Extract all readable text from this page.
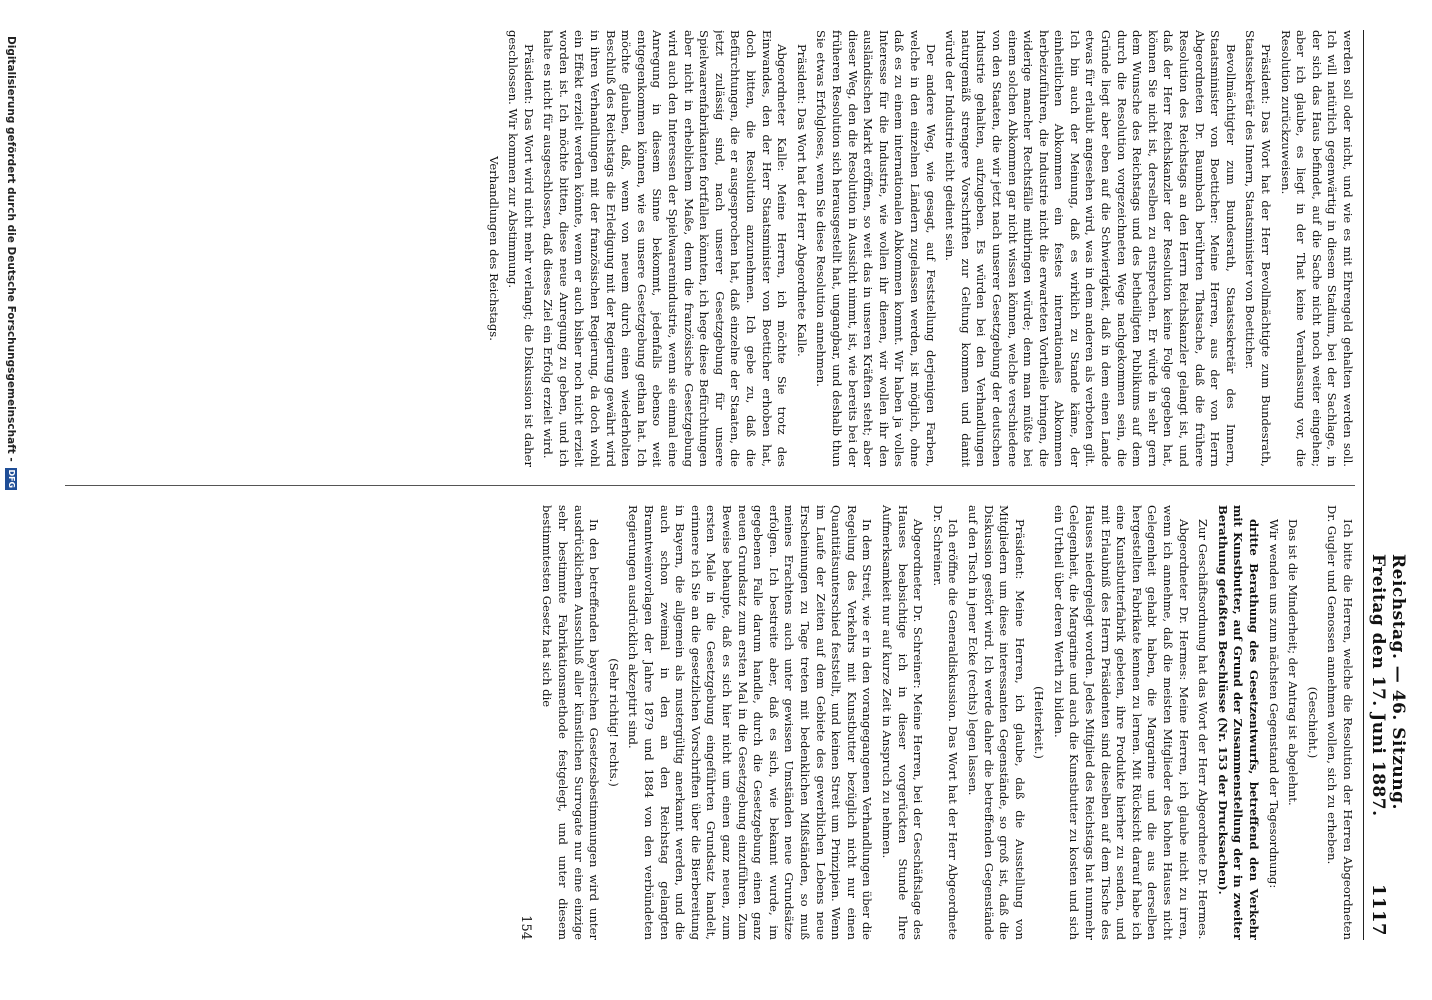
Reichstag. — 46. Sitzung. Freitag den 17. Juni 1887.
1117

werden soll oder nicht, und wie es mit Ehrengeld gehalten werden soll. Ich will natürlich gegenwärtig in diesem Stadium, bei der Sachlage, in der sich das Haus befindet, auf die Sache nicht noch weiter eingehen; aber ich glaube, es liegt in der That keine Veranlassung vor, die Resolution zurückzuweisen.

Präsident: Das Wort hat der Herr Bevollmächtigte zum Bundesrath, Staatssekretär des Innern, Staatsminister von Boetticher.

Bevollmächtigter zum Bundesrath, Staatssekretär des Innern, Staatsminister von Boetticher: Meine Herren, aus der von Herrn Abgeordneten Dr. Baumbach berührten Thatsache, daß die frühere Resolution des Reichstags an den Herrn Reichskanzler gelangt ist, und daß der Herr Reichskanzler der Resolution keine Folge gegeben hat, können Sie nicht ist, derselben zu entsprechen. Er würde in sehr gern dem Wunsche des Reichstags und des betheiligten Publikums auf dem durch die Resolution vorgezeichneten Wege nachgekommen sein, die Gründe liegt aber eben auf die Schwierigkeit, daß in dem einen Lande etwas für erlaubt angesehen wird, was in dem anderen als verboten gilt. Ich bin auch der Meinung, daß es wirklich zu Stande käme, der einheitlichen Abkommen ein festes internationales Abkommen herbeizuführen, die Industrie nicht die erwarteten Vortheile bringen, die widerige mancher Rechtsfälle mitbringen würde; denn man müßte bei einem solchen Abkommen gar nicht wissen können, welche verschiedene von den Staaten, die wir jetzt nach unserer Gesetzgebung der deutschen Industrie gehalten, aufzugeben. Es würden bei den Verhandlungen naturgemäß strengere Vorschriften zur Geltung kommen und damit würde der Industrie nicht gedient sein.

Der andere Weg, wie gesagt, auf Feststellung derjenigen Farben, welche in den einzelnen Ländern zugelassen werden, ist möglich, ohne daß es zu einem internationalen Abkommen kommt. Wir haben ja volles Interesse für die Industrie, wie wollen ihr dienen, wir wollen ihr den ausländischen Markt eröffnen, so weit das in unseren Kräften steht; aber dieser Weg, den die Resolution in Aussicht nimmt, ist, wie bereits bei der früheren Resolution sich herausgestellt hat, ungangbar, und deshalb thun Sie etwas Erfolgloses, wenn Sie diese Resolution annehmen.

Präsident: Das Wort hat der Herr Abgeordnete Kalle.

Abgeordneter Kalle: Meine Herren, ich möchte Sie trotz des Einwandes, den der Herr Staatsminister von Boetticher erhoben hat, doch bitten, die Resolution anzunehmen. Ich gebe zu, daß die Befürchtungen, die er ausgesprochen hat, daß einzelne der Staaten, die jetzt zulässig sind, nach unserer Gesetzgebung für unsere Spielwaarenfabrikanten fortfallen könnten, ich hege diese Befürchtungen aber nicht in erheblichem Maße, denn die französische Gesetzgebung wird auch den Interessen der Spielwaarenindustrie, wenn sie einmal eine Anregung in diesem Sinne bekommt, jedenfalls ebenso weit entgegenkommen können, wie es unsere Gesetzgebung gethan hat. Ich möchte glauben, daß, wenn von neuem durch einen wiederholten Beschluß des Reichstags die Erledigung mit der Regierung gewährt wird in ihren Verhandlungen mit der französischen Regierung, da doch wohl ein Effekt erzielt werden könnte, wenn er auch bisher noch nicht erzielt worden ist. Ich möchte bitten, diese neue Anregung zu geben, und ich halte es nicht für ausgeschlossen, daß dieses Ziel ein Erfolg erzielt wird.

Präsident: Das Wort wird nicht mehr verlangt; die Diskussion ist daher geschlossen. Wir kommen zur Abstimmung.

Verhandlungen des Reichstags.

Ich bitte die Herren, welche die Resolution der Herren Abgeordneten Dr. Gugler und Genossen annehmen wollen, sich zu erheben.

(Geschieht.)

Das ist die Minderheit; der Antrag ist abgelehnt.

Wir wenden uns zum nächsten Gegenstand der Tagesordnung:

dritte Berathung des Gesetzentwurfs, betreffend den Verkehr mit Kunstbutter, auf Grund der Zusammenstellung der in zweiter Berathung gefaßten Beschlüsse (Nr. 153 der Drucksachen).

Zur Geschäftsordnung hat das Wort der Herr Abgeordnete Dr. Hermes.

Abgeordneter Dr. Hermes: Meine Herren, ich glaube nicht zu irren, wenn ich annehme, daß die meisten Mitglieder des hohen Hauses nicht Gelegenheit gehabt haben, die Margarine und die aus derselben hergestellten Fabrikate kennen zu lernen. Mit Rücksicht darauf habe ich eine Kunstbutterfabrik gebeten, ihre Produkte hierher zu senden, und mit Erlaubniß des Herrn Präsidenten sind dieselben auf dem Tische des Hauses niedergelegt worden. Jedes Mitglied des Reichstags hat nunmehr Gelegenheit, die Margarine und auch die Kunstbutter zu kosten und sich ein Urtheil über deren Werth zu bilden.

(Heiterkeit.)

Präsident: Meine Herren, ich glaube, daß die Ausstellung von Mitgliedern um diese interessanten Gegenstände, so groß ist, daß die Diskussion gestört wird. Ich werde daher die betreffenden Gegenstände auf den Tisch in jener Ecke (rechts) legen lassen.

Ich eröffne die Generaldiskussion. Das Wort hat der Herr Abgeordnete Dr. Schreiner.

Abgeordneter Dr. Schreiner: Meine Herren, bei der Geschäftslage des Hauses beabsichtige ich in dieser vorgerückten Stunde Ihre Aufmerksamkeit nur auf kurze Zeit in Anspruch zu nehmen.

In dem Streit, wie er in den vorangegangenen Verhandlungen über die Regelung des Verkehrs mit Kunstbutter bezüglich nicht nur einen Quantitätsunterschied feststellt, und keinen Streit um Prinzipien. Wenn im Laufe der Zeiten auf dem Gebiete des gewerblichen Lebens neue Erscheinungen zu Tage treten mit bedenklichen Mißständen, so muß meines Erachtens auch unter gewissen Umständen neue Grundsätze erfolgen. Ich bestreite aber, daß es sich, wie bekannt wurde, im gegebenen Falle darum handle, durch die Gesetzgebung einen ganz neuen Grundsatz zum ersten Mal in die Gesetzgebung einzuführen. Zum Beweise behaupte, daß es sich hier nicht um einen ganz neuen, zum ersten Male in die Gesetzgebung eingeführten Grundsatz handelt, erinnere ich Sie an die gesetzlichen Vorschriften über die Bierbereitung in Bayern, die allgemein als mustergültig anerkannt werden, und die auch schon zweimal in den an den Reichstag gelangten Branntweinvorlagen der Jahre 1879 und 1884 von den verbündeten Regierungen ausdrücklich akzeptirt sind.

(Sehr richtig! rechts.)

In den betreffenden bayerischen Gesetzesbestimmungen wird unter ausdrücklichem Ausschluß aller künstlichen Surrogate nur eine einzige sehr bestimmte Fabrikationsmethode festgelegt, und unter diesem bestimmtesten Gesetz hat sich die

154
Digitalisierung gefördert durch die Deutsche Forschungsgemeinschaft -
DFG
